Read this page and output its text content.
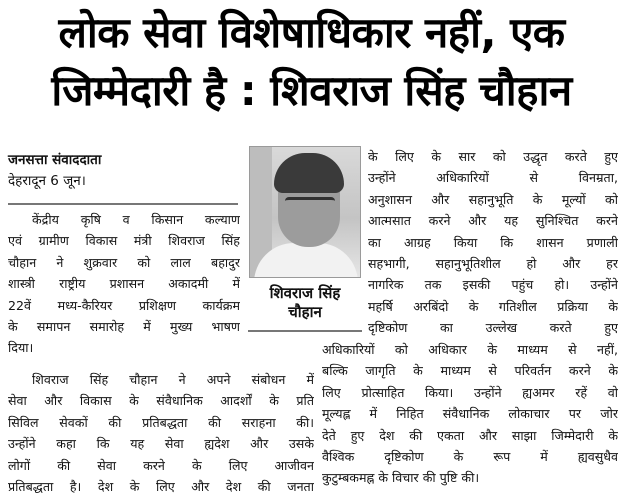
लोक सेवा विशेषाधिकार नहीं, एक
जिम्मेदारी है : शिवराज सिंह चौहान
जनसत्ता संवाददाता
देहरादून 6 जून।

केंद्रीय कृषि व किसान कल्याण
एवं ग्रामीण विकास मंत्री शिवराज सिंह
चौहान ने शुक्रवार को लाल बहादुर
शास्त्री राष्ट्रीय प्रशासन अकादमी में
22वें मध्य-कैरियर प्रशिक्षण कार्यक्रम
के समापन समारोह में मुख्य भाषण
दिया।

शिवराज सिंह चौहान ने अपने संबोधन में
सेवा और विकास के संवैधानिक आदर्शों के प्रति
सिविल सेवकों की प्रतिबद्धता की सराहना की।
उन्होंने कहा कि यह सेवा ह्यदेश और उसके
लोगों की सेवा करने के लिए आजीवन
प्रतिबद्धता है। देश के लिए और देश की जनता

शिवराज सिंह
चौहान

के लिए के सार को उद्धृत करते हुए
उन्होंने अधिकारियों से विनम्रता,
अनुशासन और सहानुभूति के मूल्यों को
आत्मसात करने और यह सुनिश्चित करने
का आग्रह किया कि शासन प्रणाली
सहभागी, सहानुभूतिशील हो और हर
नागरिक तक इसकी पहुंच हो। उन्होंने
महर्षि अरबिंदो के गतिशील प्रक्रिया के
दृष्टिकोण का उल्लेख करते हुए

अधिकारियों को अधिकार के माध्यम से नहीं,
बल्कि जागृति के माध्यम से परिवर्तन करने के
लिए प्रोत्साहित किया। उन्होंने ह्यअमर रहें वो
मूल्यह्ल में निहित संवैधानिक लोकाचार पर जोर
देते हुए देश की एकता और साझा जिम्मेदारी के
वैश्विक दृष्टिकोण के रूप में ह्यवसुधैव
कुटुम्बकमह्न के विचार की पुष्टि की।
